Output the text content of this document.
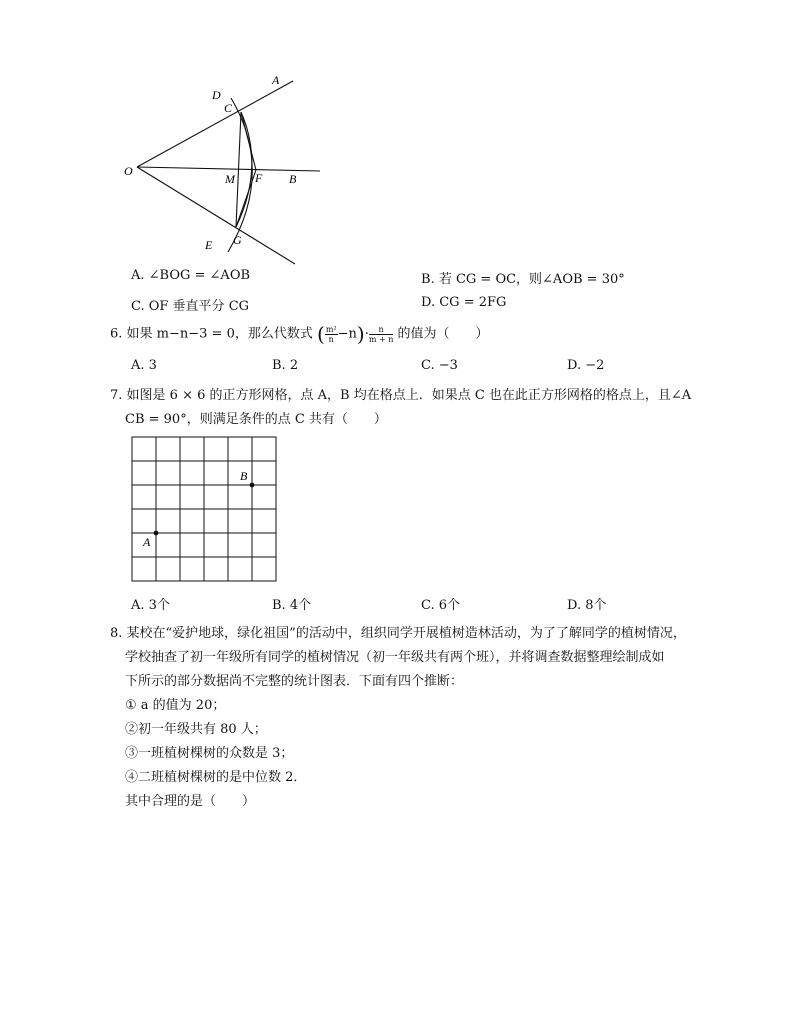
A
D
C
O
M F B
G
E
A. ∠BOG = ∠AOB	B. 若 CG = OC，则∠AOB = 30°
C. OF 垂直平分 CG	D. CG = 2FG
6. 如果 m−n−3 = 0，那么代数式 ( $\frac{\text{m²}}{n} -n)\cdot \frac{n}{m + n}$ 的值为（　　）
A. 3	B. 2	C. −3	D. −2
7. 如图是 6 × 6 的正方形网格，点 A，B 均在格点上．如果点 C 也在此正方形网格的格点上，且∠A
CB = 90°，则满足条件的点 C 共有（　　）
A
B
A. 3个	B. 4个	C. 6个	D. 8个
8. 某校在“爱护地球，绿化祖国”的活动中，组织同学开展植树造林活动，为了了解同学的植树情况，
学校抽查了初一年级所有同学的植树情况（初一年级共有两个班），并将调查数据整理绘制成如
下所示的部分数据尚不完整的统计图表．下面有四个推断：
① a 的值为 20；
②初一年级共有 80 人；
③一班植树棵树的众数是 3；
④二班植树棵树的是中位数 2．
其中合理的是（　　）
